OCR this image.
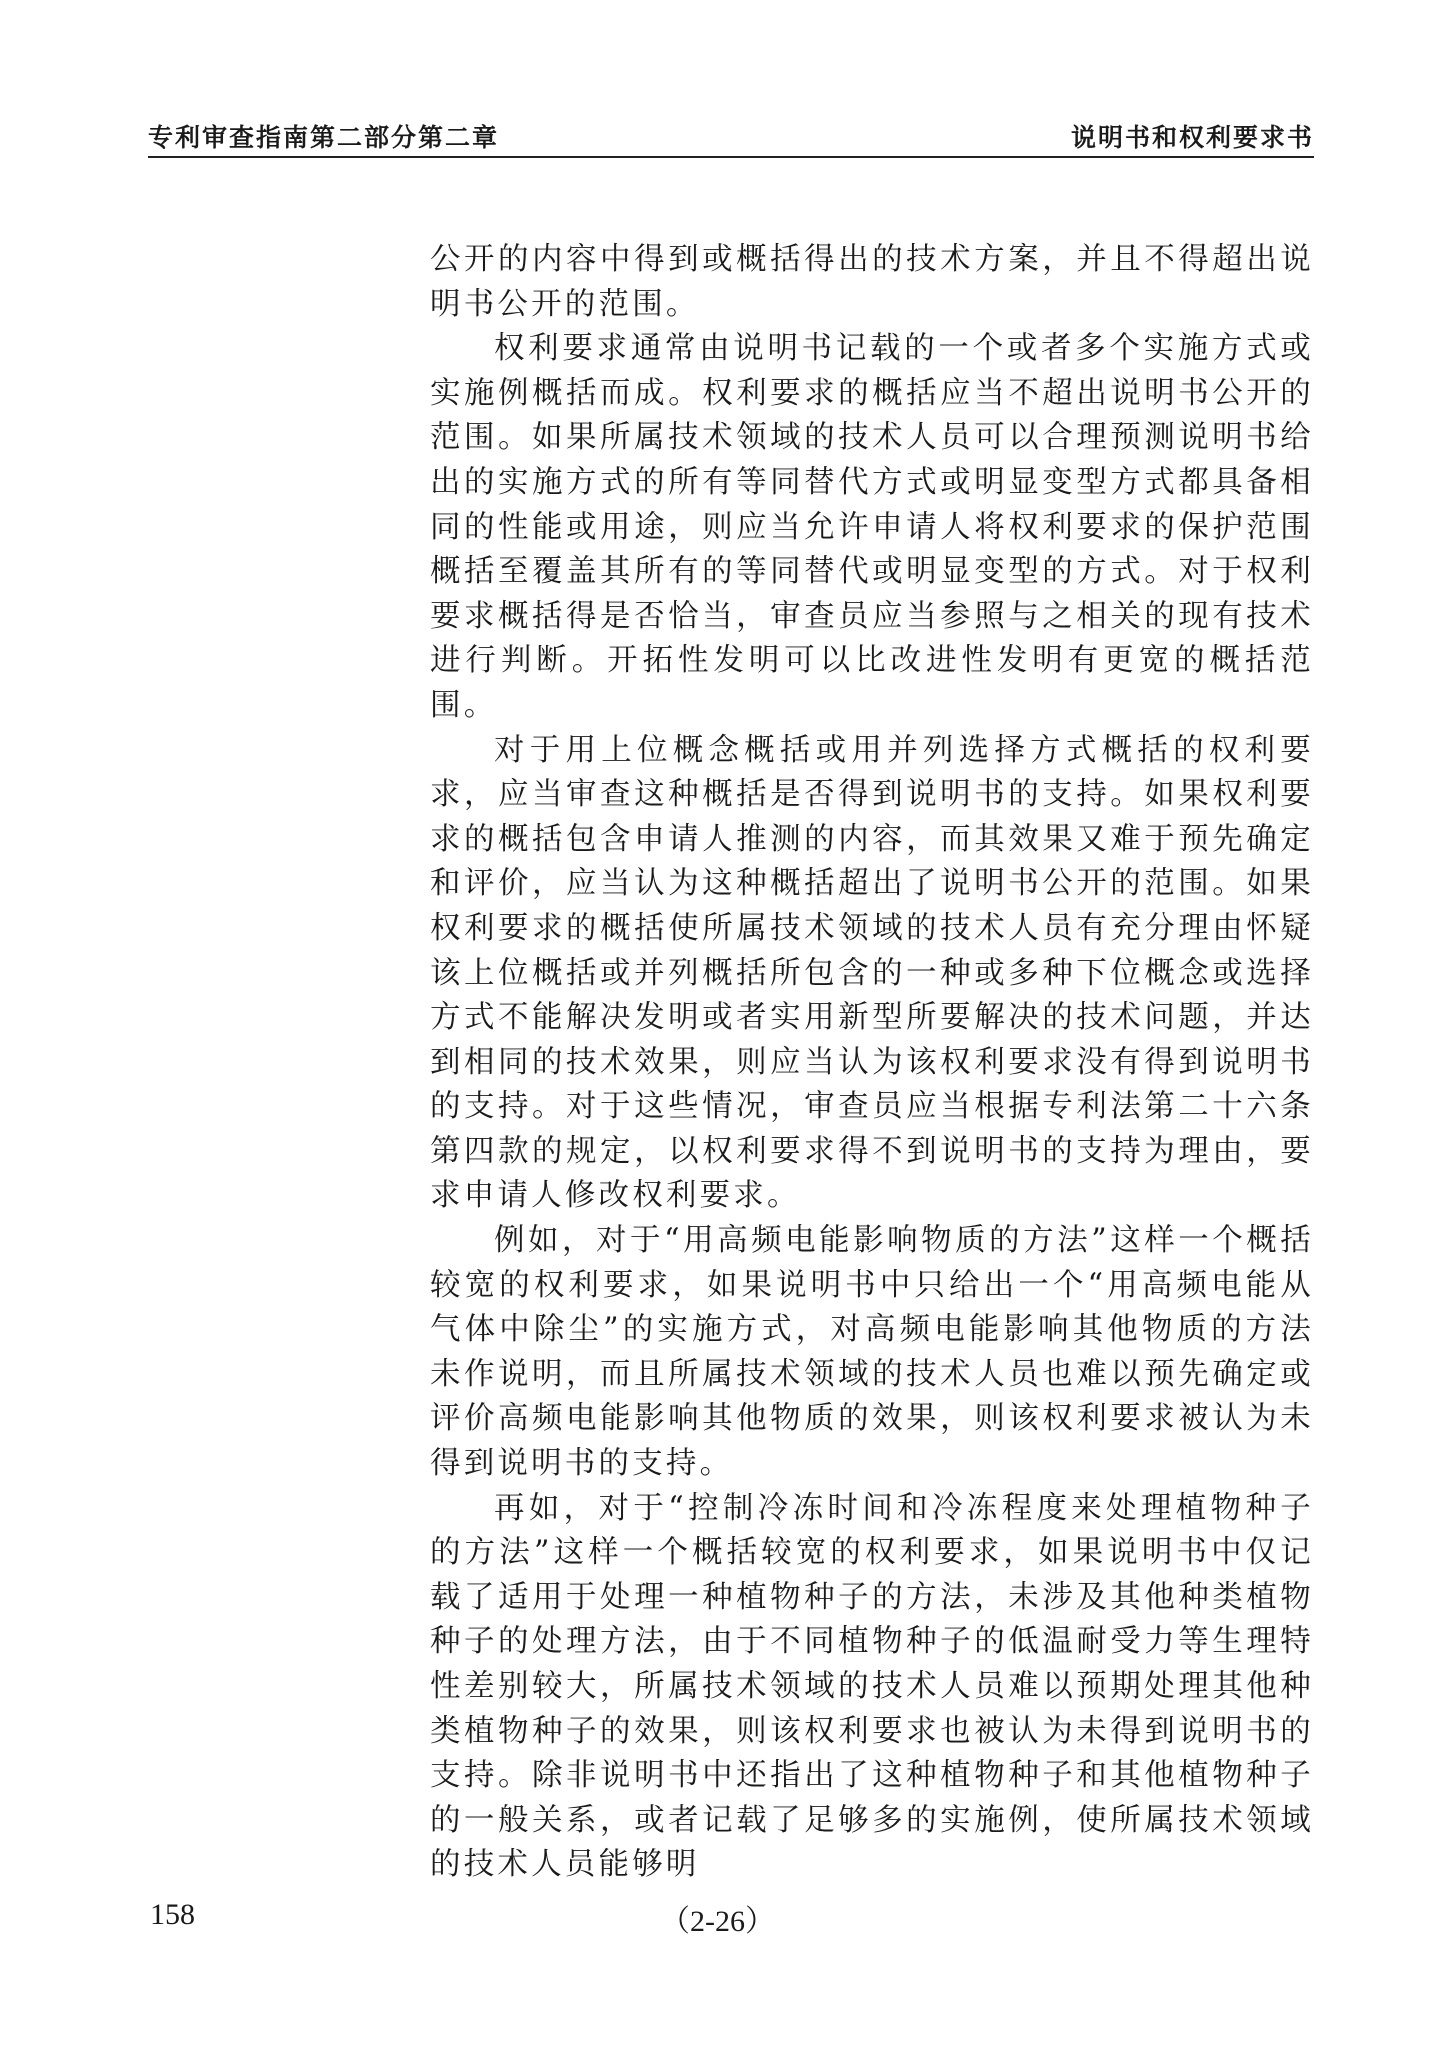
专利审查指南第二部分第二章	说明书和权利要求书

公开的内容中得到或概括得出的技术方案，并且不得超出说明书公开的范围。

权利要求通常由说明书记载的一个或者多个实施方式或实施例概括而成。权利要求的概括应当不超出说明书公开的范围。如果所属技术领域的技术人员可以合理预测说明书给出的实施方式的所有等同替代方式或明显变型方式都具备相同的性能或用途，则应当允许申请人将权利要求的保护范围概括至覆盖其所有的等同替代或明显变型的方式。对于权利要求概括得是否恰当，审查员应当参照与之相关的现有技术进行判断。开拓性发明可以比改进性发明有更宽的概括范围。

对于用上位概念概括或用并列选择方式概括的权利要求，应当审查这种概括是否得到说明书的支持。如果权利要求的概括包含申请人推测的内容，而其效果又难于预先确定和评价，应当认为这种概括超出了说明书公开的范围。如果权利要求的概括使所属技术领域的技术人员有充分理由怀疑该上位概括或并列概括所包含的一种或多种下位概念或选择方式不能解决发明或者实用新型所要解决的技术问题，并达到相同的技术效果，则应当认为该权利要求没有得到说明书的支持。对于这些情况，审查员应当根据专利法第二十六条第四款的规定，以权利要求得不到说明书的支持为理由，要求申请人修改权利要求。

例如，对于“用高频电能影响物质的方法”这样一个概括较宽的权利要求，如果说明书中只给出一个“用高频电能从气体中除尘”的实施方式，对高频电能影响其他物质的方法未作说明，而且所属技术领域的技术人员也难以预先确定或评价高频电能影响其他物质的效果，则该权利要求被认为未得到说明书的支持。

再如，对于“控制冷冻时间和冷冻程度来处理植物种子的方法”这样一个概括较宽的权利要求，如果说明书中仅记载了适用于处理一种植物种子的方法，未涉及其他种类植物种子的处理方法，由于不同植物种子的低温耐受力等生理特性差别较大，所属技术领域的技术人员难以预期处理其他种类植物种子的效果，则该权利要求也被认为未得到说明书的支持。除非说明书中还指出了这种植物种子和其他植物种子的一般关系，或者记载了足够多的实施例，使所属技术领域的技术人员能够明

158	（2-26）
